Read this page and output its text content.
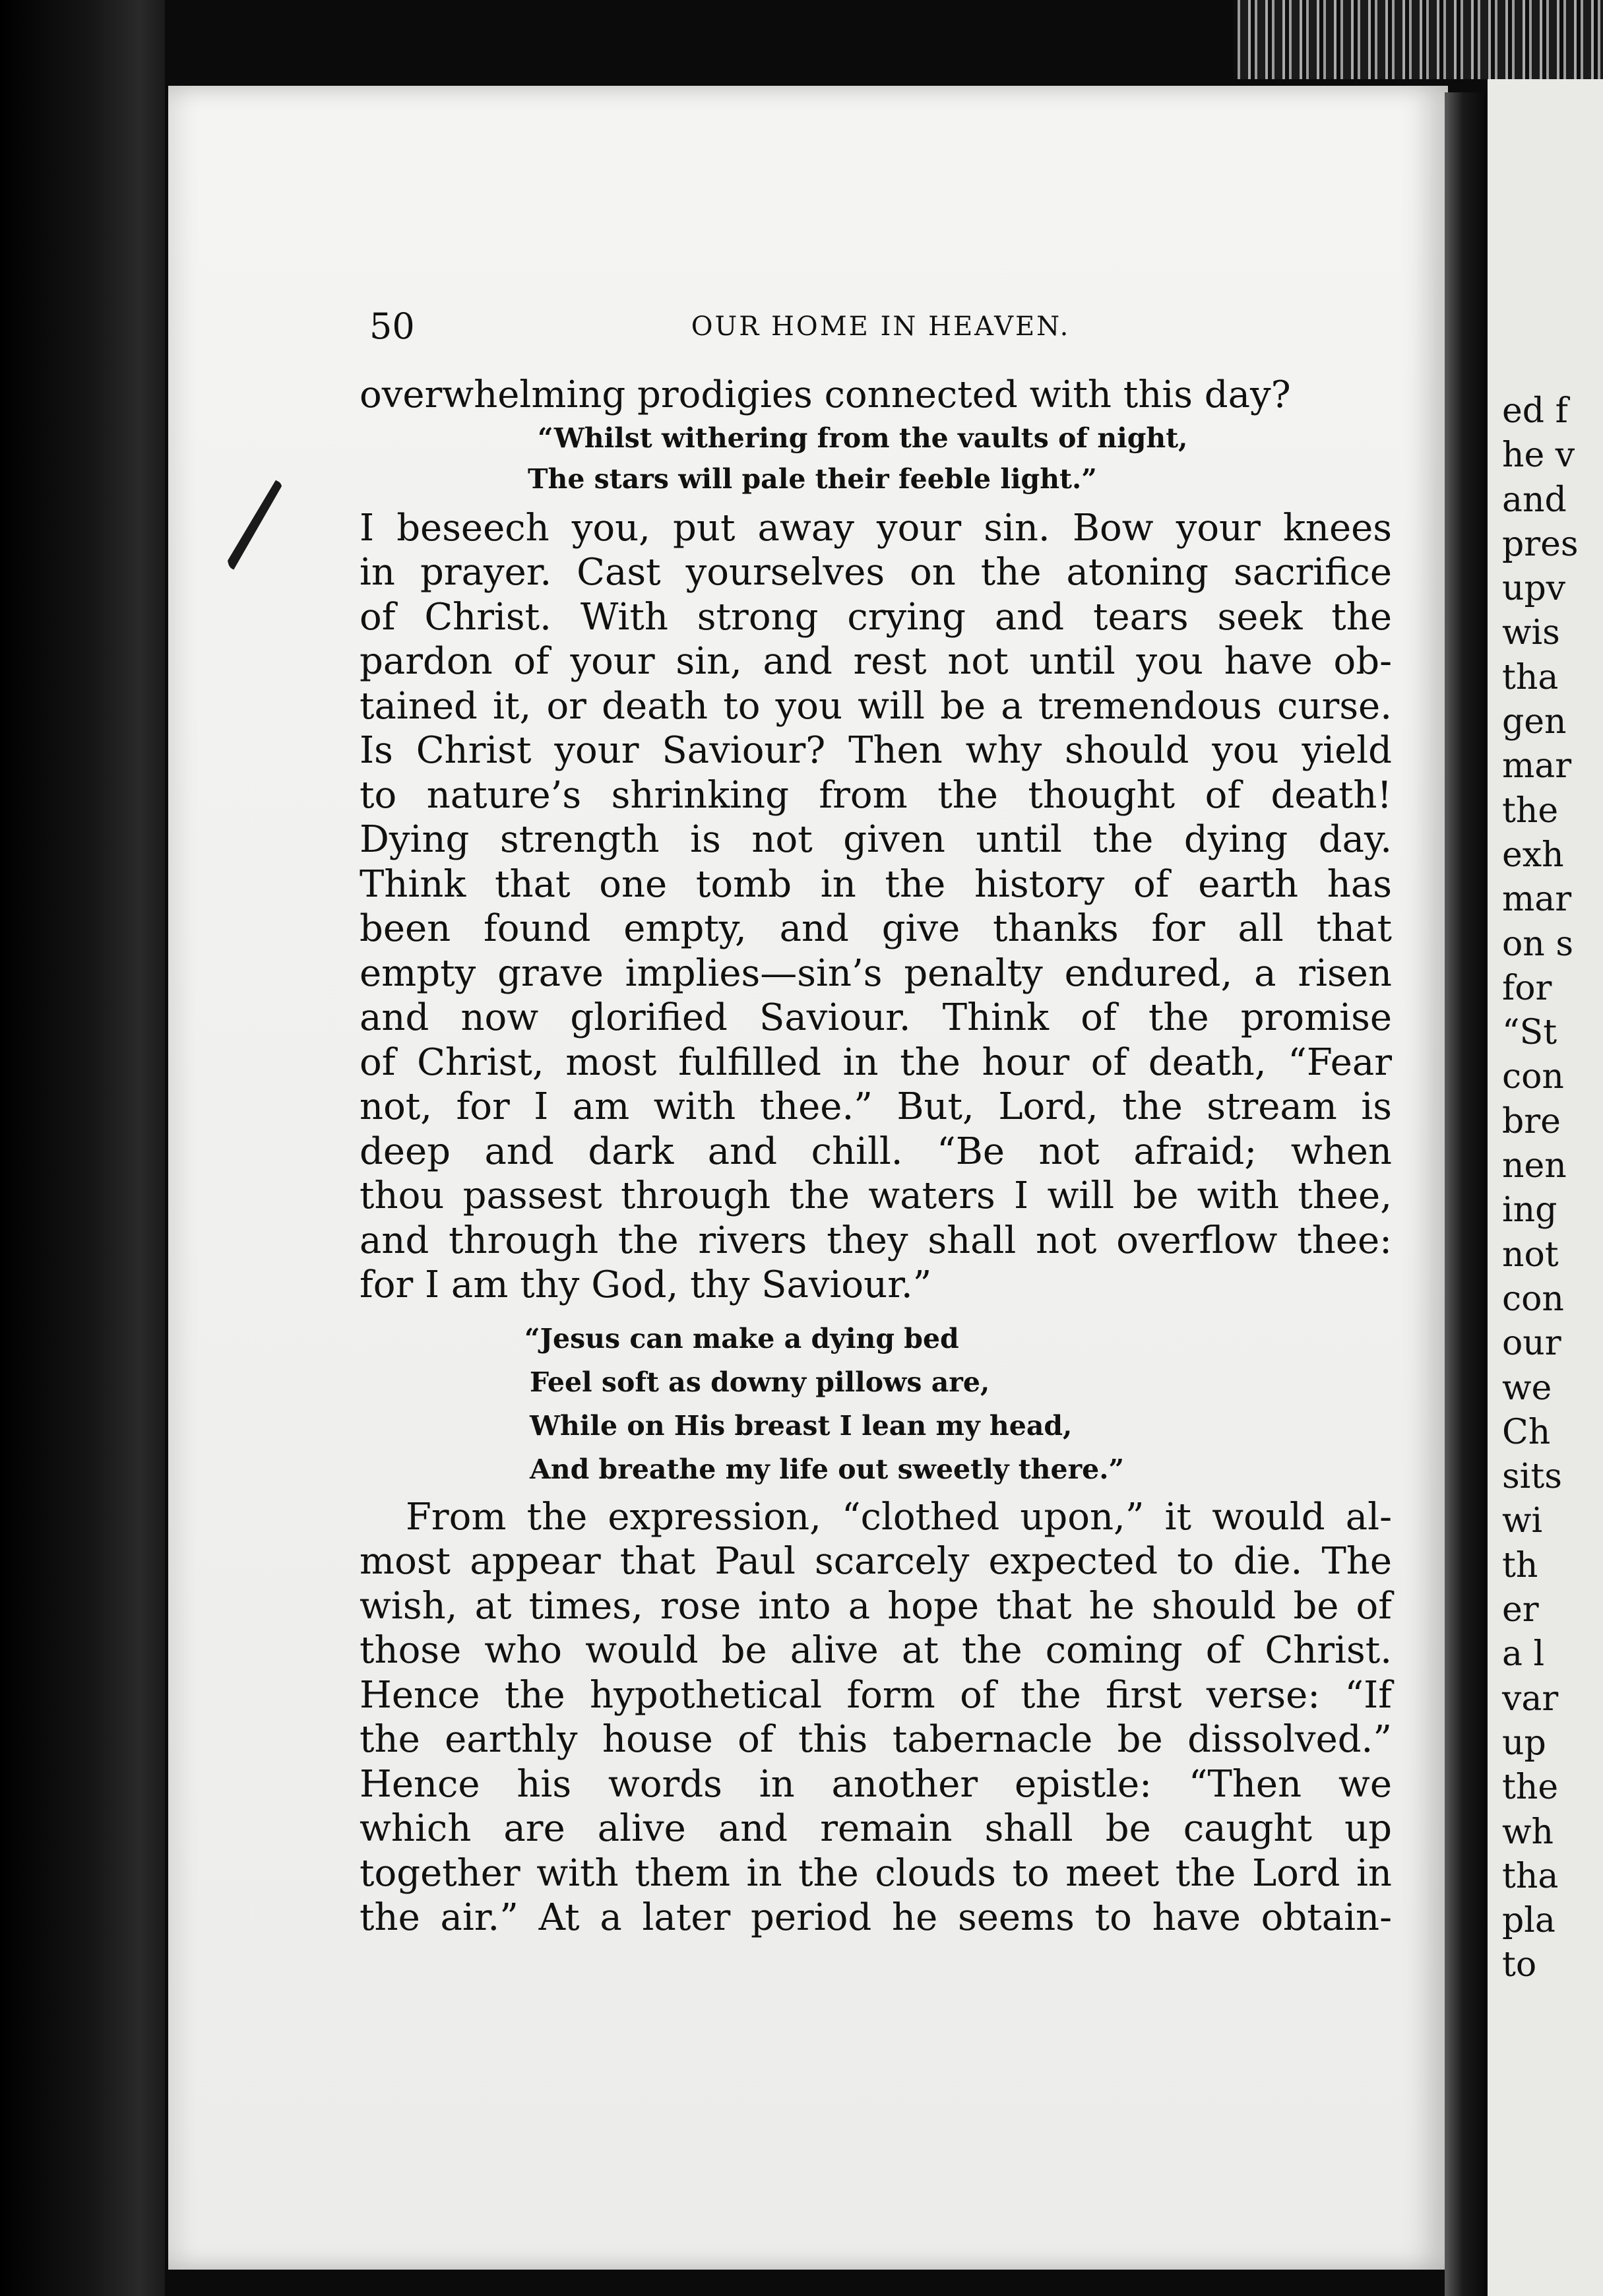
50	OUR HOME IN HEAVEN.
overwhelming prodigies connected with this day?
“Whilst withering from the vaults of night,
The stars will pale their feeble light.”
I beseech you, put away your sin. Bow your knees
in prayer. Cast yourselves on the atoning sacrifice
of Christ. With strong crying and tears seek the
pardon of your sin, and rest not until you have ob-
tained it, or death to you will be a tremendous curse.
Is Christ your Saviour? Then why should you yield
to nature’s shrinking from the thought of death!
Dying strength is not given until the dying day.
Think that one tomb in the history of earth has
been found empty, and give thanks for all that
empty grave implies—sin’s penalty endured, a risen
and now glorified Saviour. Think of the promise
of Christ, most fulfilled in the hour of death, “Fear
not, for I am with thee.” But, Lord, the stream is
deep and dark and chill. “Be not afraid; when
thou passest through the waters I will be with thee,
and through the rivers they shall not overflow thee:
for I am thy God, thy Saviour.”
“Jesus can make a dying bed
Feel soft as downy pillows are,
While on His breast I lean my head,
And breathe my life out sweetly there.”
From the expression, “clothed upon,” it would al-
most appear that Paul scarcely expected to die. The
wish, at times, rose into a hope that he should be of
those who would be alive at the coming of Christ.
Hence the hypothetical form of the first verse: “If
the earthly house of this tabernacle be dissolved.”
Hence his words in another epistle: “Then we
which are alive and remain shall be caught up
together with them in the clouds to meet the Lord in
the air.” At a later period he seems to have obtain-
ed f
he v
and
pres
upv
wis
tha
gen
mar
the
exh
mar
on s
for
“St
con
bre
nen
ing
not
con
our
we
Ch
sits
wi
th
er
a l
var
up
the
wh
tha
pla
to
